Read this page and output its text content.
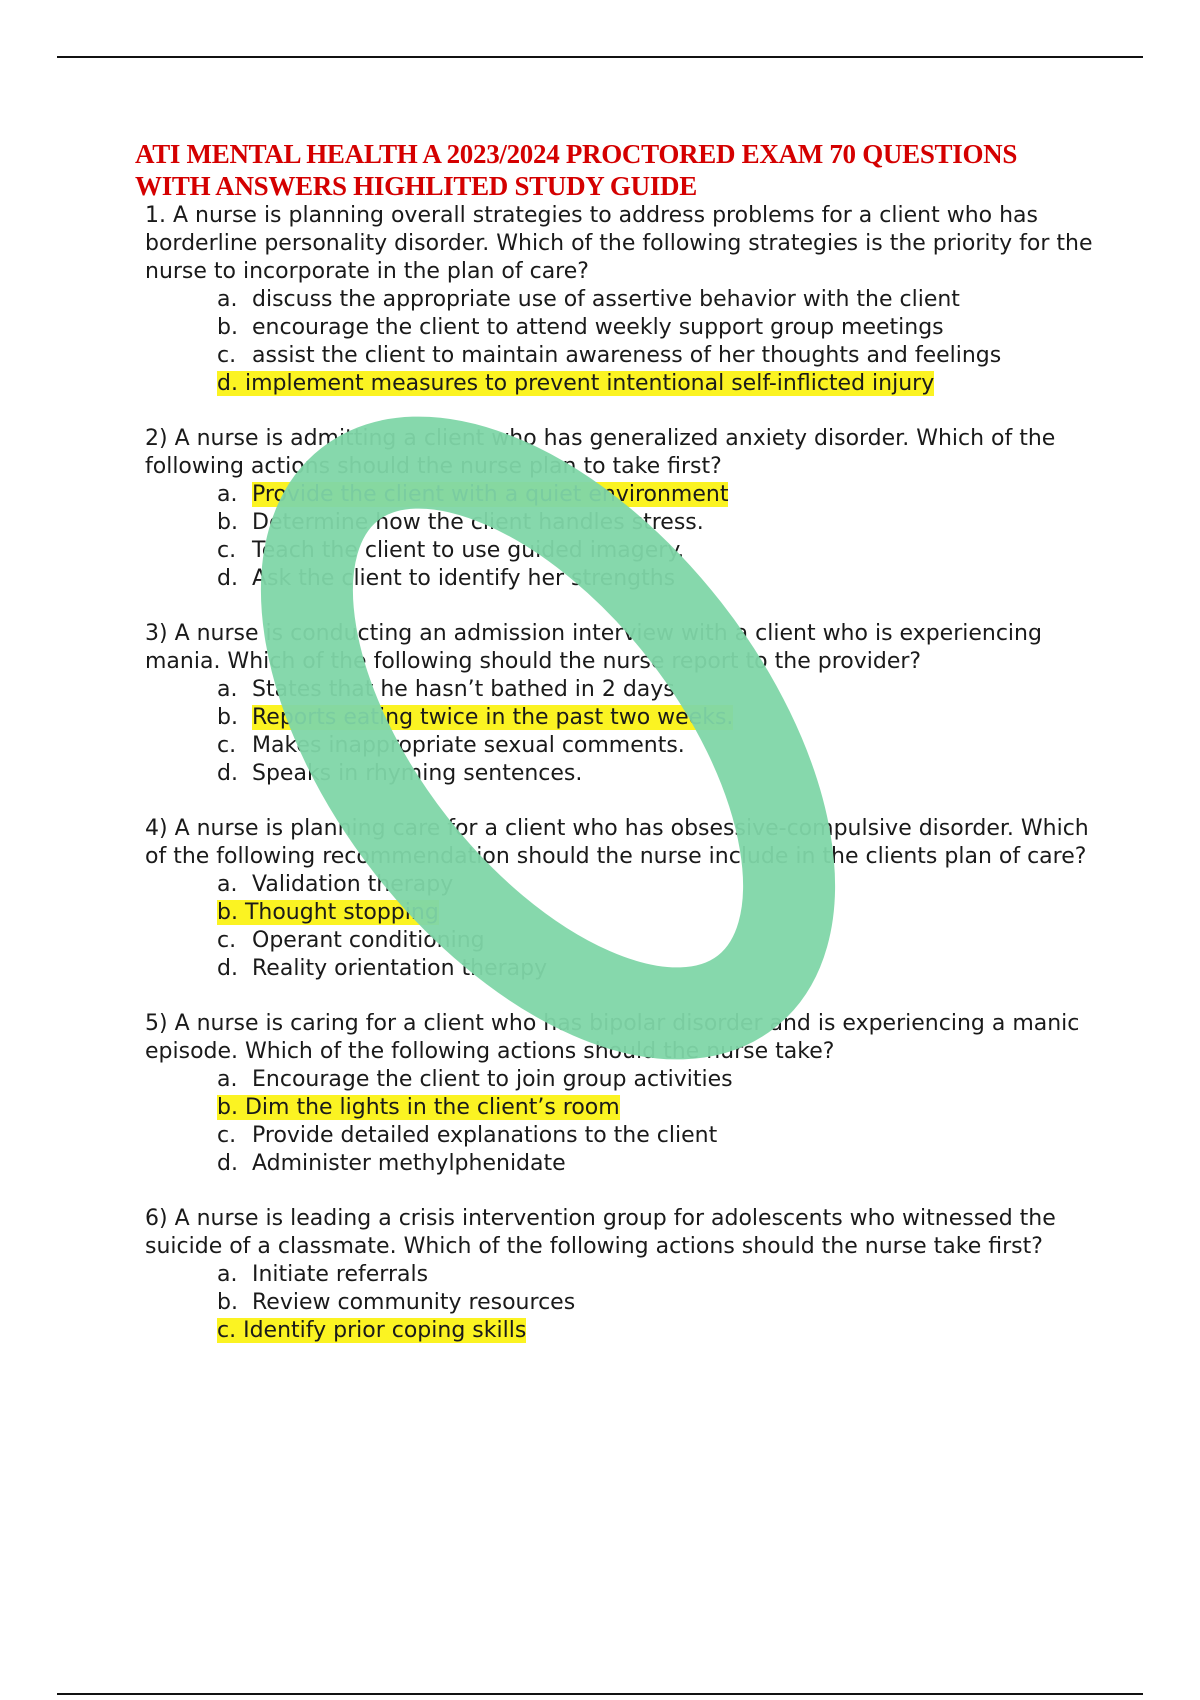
ATI MENTAL HEALTH A 2023/2024 PROCTORED EXAM 70 QUESTIONS
WITH ANSWERS HIGHLITED STUDY GUIDE

1. A nurse is planning overall strategies to address problems for a client who has borderline personality disorder. Which of the following strategies is the priority for the nurse to incorporate in the plan of care?

a. discuss the appropriate use of assertive behavior with the client
b. encourage the client to attend weekly support group meetings
c. assist the client to maintain awareness of her thoughts and feelings
d. implement measures to prevent intentional self-inflicted injury

2) A nurse is admitting a client who has generalized anxiety disorder. Which of the following actions should the nurse plan to take first?

a. Provide the client with a quiet environment
b. Determine how the client handles stress.
c. Teach the client to use guided imagery.
d. Ask the client to identify her strengths

3) A nurse is conducting an admission interview with a client who is experiencing mania. Which of the following should the nurse report to the provider?

a. States that he hasn’t bathed in 2 days
b. Reports eating twice in the past two weeks.
c. Makes inappropriate sexual comments.
d. Speaks in rhyming sentences.

4) A nurse is planning care for a client who has obsessive-compulsive disorder. Which of the following recommendation should the nurse include in the clients plan of care?

a. Validation therapy
b. Thought stopping
c. Operant conditioning
d. Reality orientation therapy

5) A nurse is caring for a client who has bipolar disorder and is experiencing a manic episode. Which of the following actions should the nurse take?

a. Encourage the client to join group activities
b. Dim the lights in the client’s room
c. Provide detailed explanations to the client
d. Administer methylphenidate

6) A nurse is leading a crisis intervention group for adolescents who witnessed the suicide of a classmate. Which of the following actions should the nurse take first?

a. Initiate referrals
b. Review community resources
c. Identify prior coping skills
